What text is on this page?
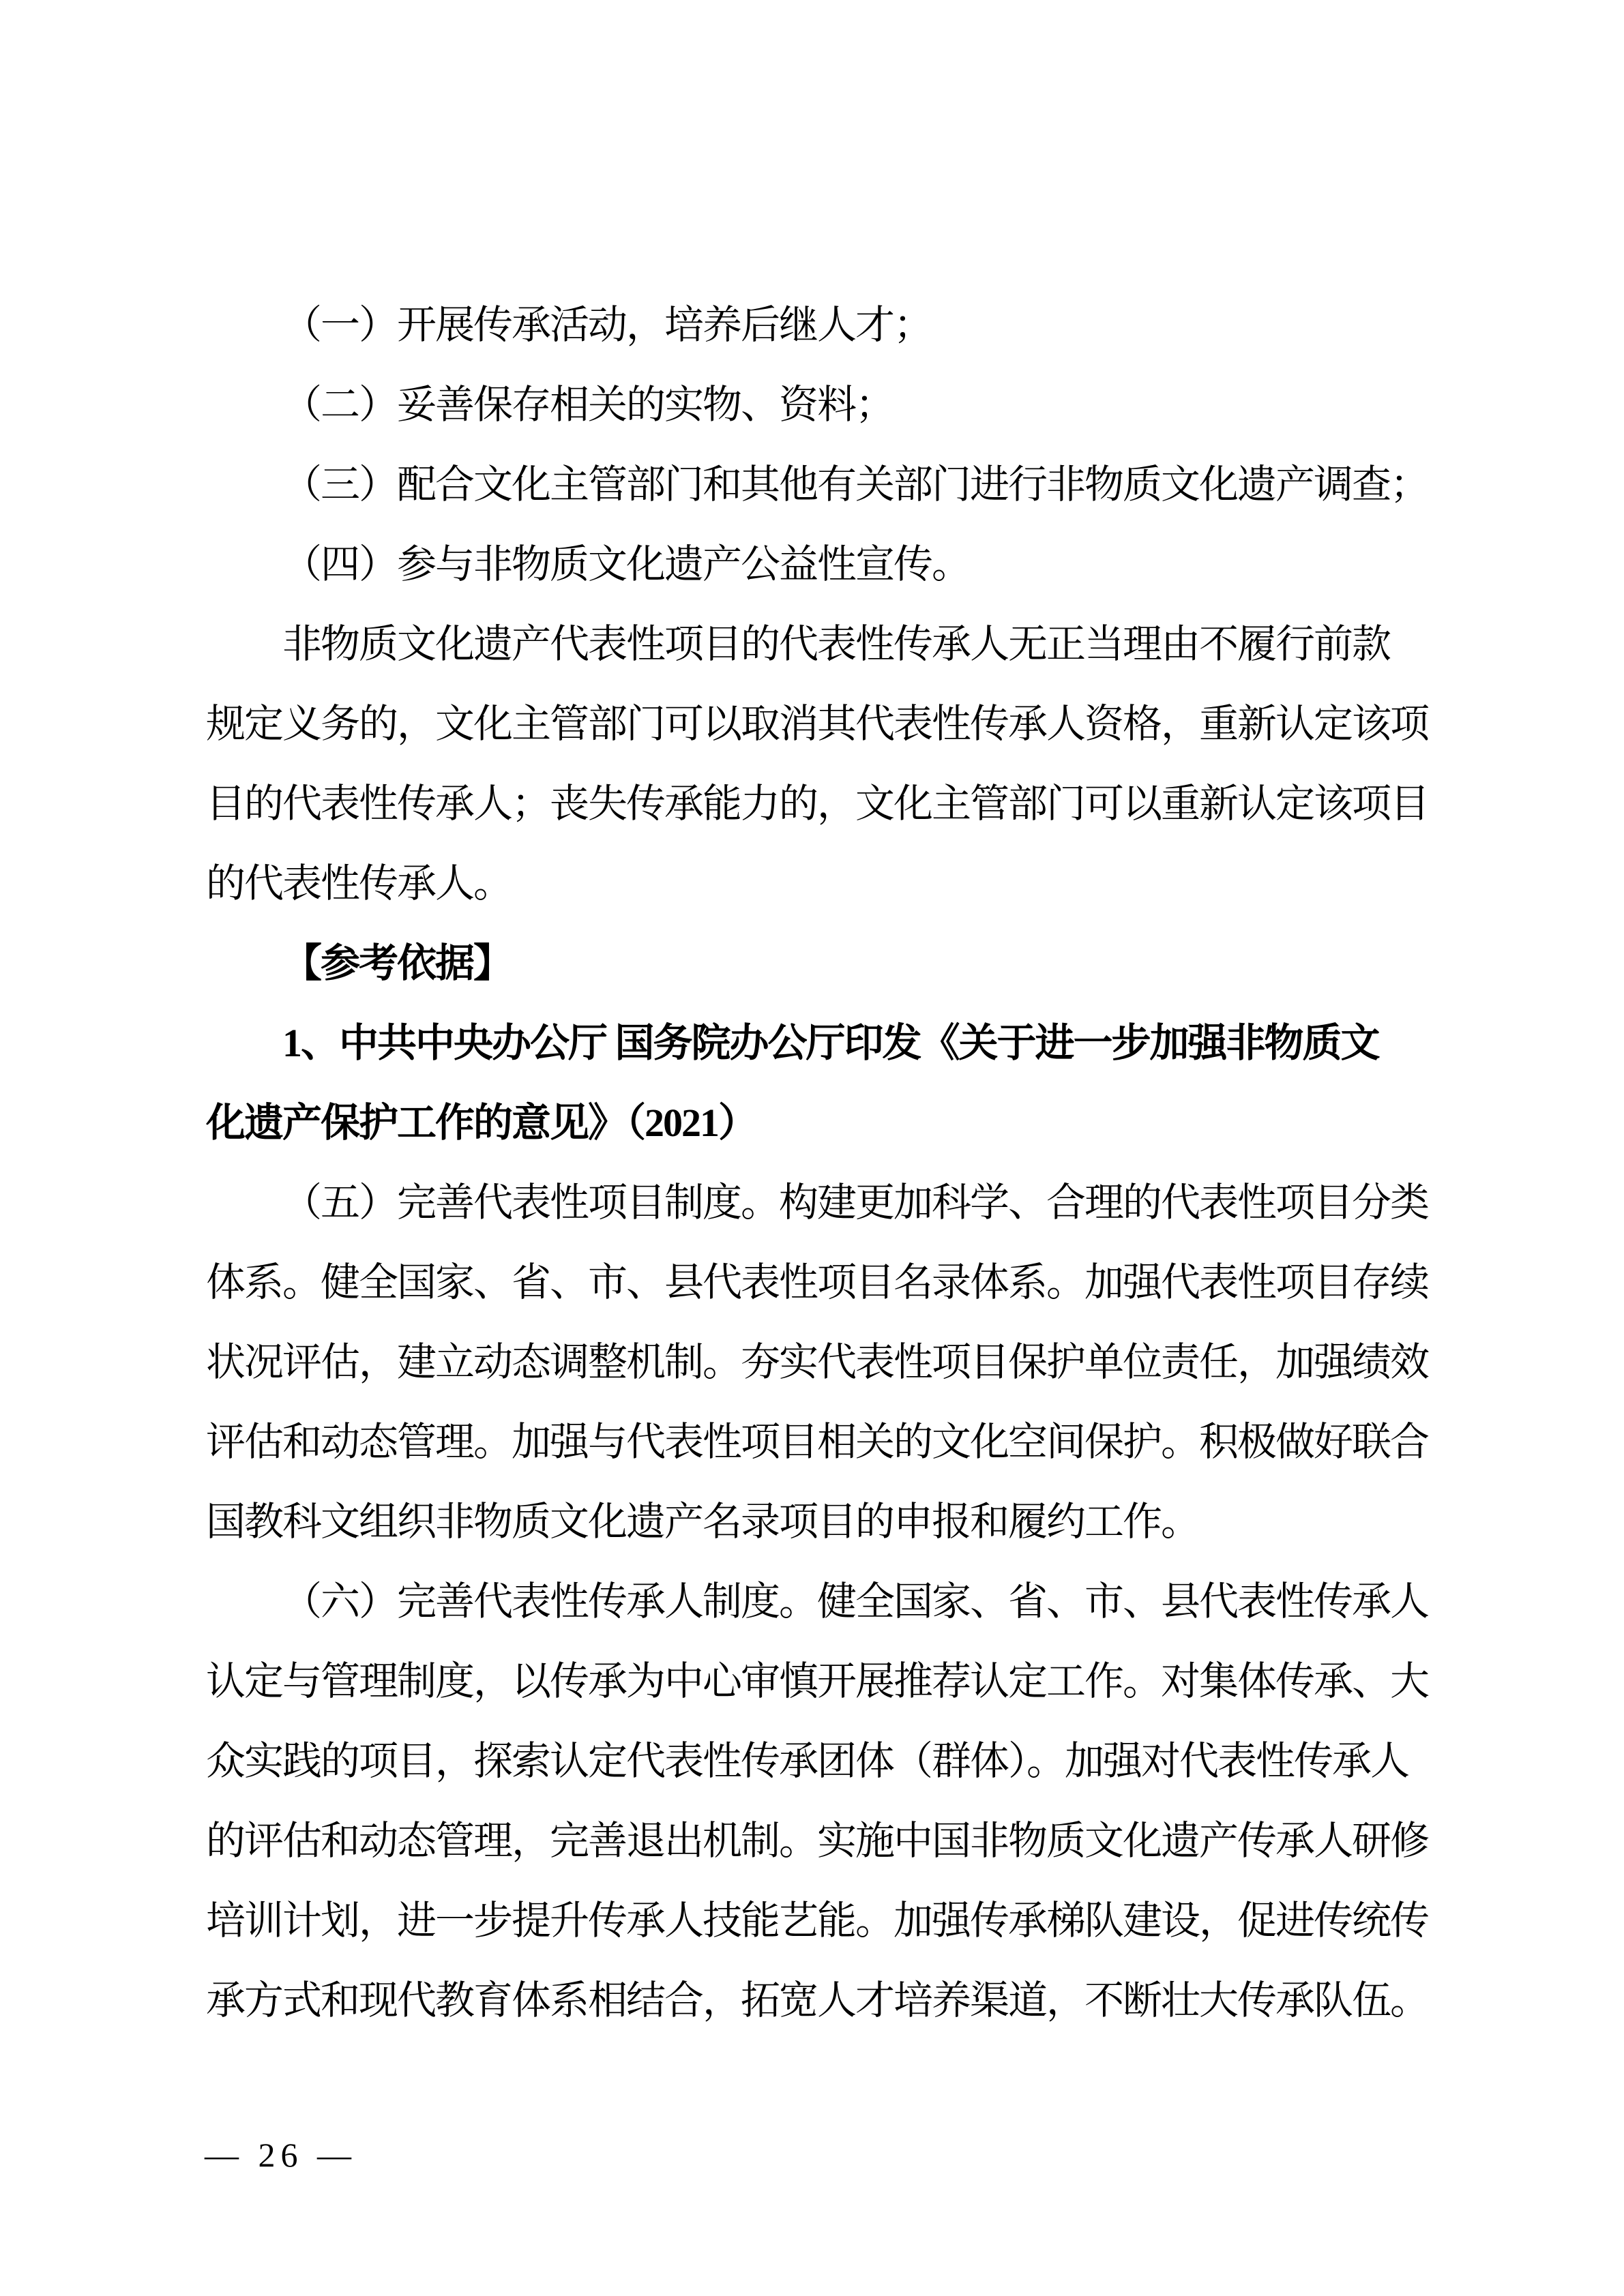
（一）开展传承活动，培养后继人才；
（二）妥善保存相关的实物、资料；
（三）配合文化主管部门和其他有关部门进行非物质文化遗产调查；
（四）参与非物质文化遗产公益性宣传。
非物质文化遗产代表性项目的代表性传承人无正当理由不履行前款
规定义务的，文化主管部门可以取消其代表性传承人资格，重新认定该项
目的代表性传承人；丧失传承能力的，文化主管部门可以重新认定该项目
的代表性传承人。
【参考依据】
1、中共中央办公厅 国务院办公厅印发《关于进一步加强非物质文
化遗产保护工作的意见》（2021）
（五）完善代表性项目制度。构建更加科学、合理的代表性项目分类
体系。健全国家、省、市、县代表性项目名录体系。加强代表性项目存续
状况评估，建立动态调整机制。夯实代表性项目保护单位责任，加强绩效
评估和动态管理。加强与代表性项目相关的文化空间保护。积极做好联合
国教科文组织非物质文化遗产名录项目的申报和履约工作。
（六）完善代表性传承人制度。健全国家、省、市、县代表性传承人
认定与管理制度，以传承为中心审慎开展推荐认定工作。对集体传承、大
众实践的项目，探索认定代表性传承团体（群体）。加强对代表性传承人
的评估和动态管理，完善退出机制。实施中国非物质文化遗产传承人研修
培训计划，进一步提升传承人技能艺能。加强传承梯队建设，促进传统传
承方式和现代教育体系相结合，拓宽人才培养渠道，不断壮大传承队伍。
— 26 —
